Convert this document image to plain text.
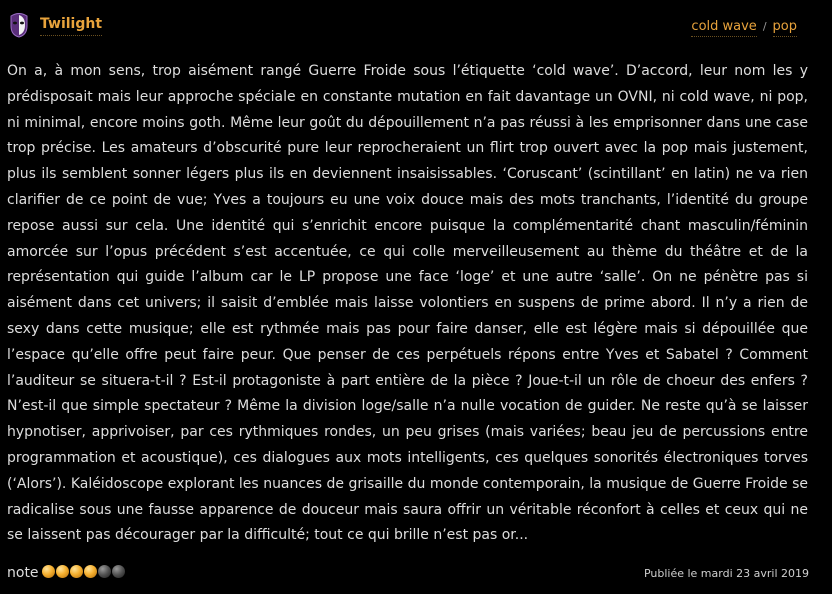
Twilight	cold wave / pop

On a, à mon sens, trop aisément rangé Guerre Froide sous l’étiquette ‘cold wave’. D’accord, leur nom les y prédisposait mais leur approche spéciale en constante mutation en fait davantage un OVNI, ni cold wave, ni pop, ni minimal, encore moins goth. Même leur goût du dépouillement n’a pas réussi à les emprisonner dans une case trop précise. Les amateurs d’obscurité pure leur reprocheraient un flirt trop ouvert avec la pop mais justement, plus ils semblent sonner légers plus ils en deviennent insaisissables. ‘Coruscant’ (scintillant’ en latin) ne va rien clarifier de ce point de vue; Yves a toujours eu une voix douce mais des mots tranchants, l’identité du groupe repose aussi sur cela. Une identité qui s’enrichit encore puisque la complémentarité chant masculin/féminin amorcée sur l’opus précédent s’est accentuée, ce qui colle merveilleusement au thème du théâtre et de la représentation qui guide l’album car le LP propose une face ‘loge’ et une autre ‘salle’. On ne pénètre pas si aisément dans cet univers; il saisit d’emblée mais laisse volontiers en suspens de prime abord. Il n’y a rien de sexy dans cette musique; elle est rythmée mais pas pour faire danser, elle est légère mais si dépouillée que l’espace qu’elle offre peut faire peur. Que penser de ces perpétuels répons entre Yves et Sabatel ? Comment l’auditeur se situera-t-il ? Est-il protagoniste à part entière de la pièce ? Joue-t-il un rôle de choeur des enfers ? N’est-il que simple spectateur ? Même la division loge/salle n’a nulle vocation de guider. Ne reste qu’à se laisser hypnotiser, apprivoiser, par ces rythmiques rondes, un peu grises (mais variées; beau jeu de percussions entre programmation et acoustique), ces dialogues aux mots intelligents, ces quelques sonorités électroniques torves (‘Alors’). Kaléidoscope explorant les nuances de grisaille du monde contemporain, la musique de Guerre Froide se radicalise sous une fausse apparence de douceur mais saura offrir un véritable réconfort à celles et ceux qui ne se laissent pas décourager par la difficulté; tout ce qui brille n’est pas or...

note	Publiée le mardi 23 avril 2019
